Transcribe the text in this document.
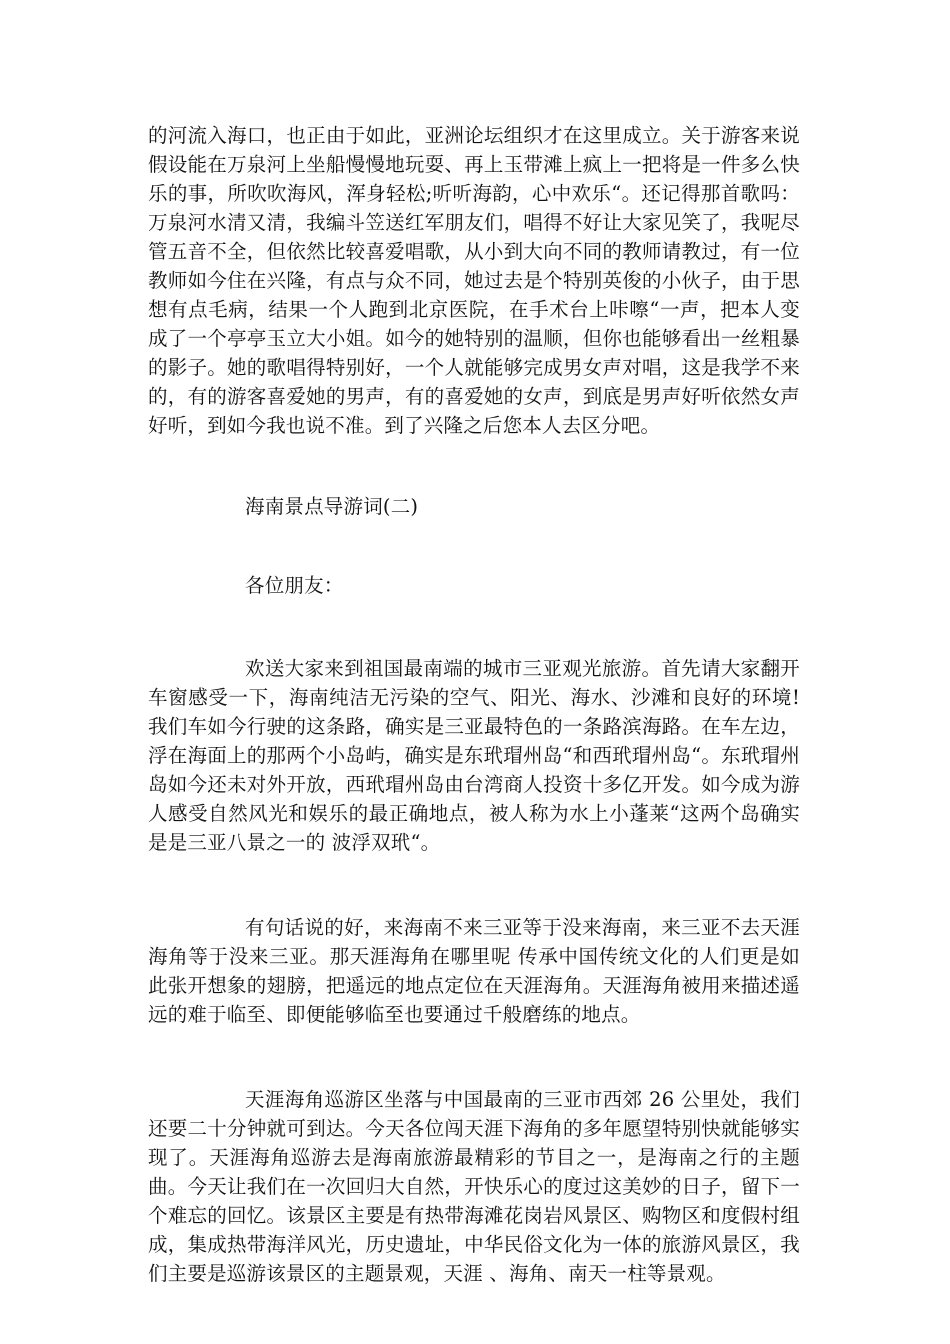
的河流入海口，也正由于如此，亚洲论坛组织才在这里成立。关于游客来说假设能在万泉河上坐船慢慢地玩耍、再上玉带滩上疯上一把将是一件多么快乐的事，所吹吹海风，浑身轻松;听听海韵，心中欢乐“。还记得那首歌吗：万泉河水清又清，我编斗笠送红军朋友们，唱得不好让大家见笑了，我呢尽管五音不全，但依然比较喜爱唱歌，从小到大向不同的教师请教过，有一位教师如今住在兴隆，有点与众不同，她过去是个特别英俊的小伙子，由于思想有点毛病，结果一个人跑到北京医院，在手术台上咔嚓“一声，把本人变成了一个亭亭玉立大小姐。如今的她特别的温顺，但你也能够看出一丝粗暴的影子。她的歌唱得特别好，一个人就能够完成男女声对唱，这是我学不来的，有的游客喜爱她的男声，有的喜爱她的女声，到底是男声好听依然女声好听，到如今我也说不准。到了兴隆之后您本人去区分吧。

海南景点导游词(二)

各位朋友：

欢送大家来到祖国最南端的城市三亚观光旅游。首先请大家翻开车窗感受一下，海南纯洁无污染的空气、阳光、海水、沙滩和良好的环境! 我们车如今行驶的这条路，确实是三亚最特色的一条路滨海路。在车左边，浮在海面上的那两个小岛屿，确实是东玳瑁州岛“和西玳瑁州岛“。东玳瑁州岛如今还未对外开放，西玳瑁州岛由台湾商人投资十多亿开发。如今成为游人感受自然风光和娱乐的最正确地点，被人称为水上小蓬莱“这两个岛确实是是三亚八景之一的 波浮双玳“。

有句话说的好，来海南不来三亚等于没来海南，来三亚不去天涯海角等于没来三亚。那天涯海角在哪里呢 传承中国传统文化的人们更是如此张开想象的翅膀，把遥远的地点定位在天涯海角。天涯海角被用来描述遥远的难于临至、即便能够临至也要通过千般磨练的地点。

天涯海角巡游区坐落与中国最南的三亚市西郊 26 公里处，我们还要二十分钟就可到达。今天各位闯天涯下海角的多年愿望特别快就能够实现了。天涯海角巡游去是海南旅游最精彩的节目之一，是海南之行的主题曲。今天让我们在一次回归大自然，开快乐心的度过这美妙的日子，留下一个难忘的回忆。该景区主要是有热带海滩花岗岩风景区、购物区和度假村组成，集成热带海洋风光，历史遗址，中华民俗文化为一体的旅游风景区，我们主要是巡游该景区的主题景观，天涯 、海角、南天一柱等景观。
